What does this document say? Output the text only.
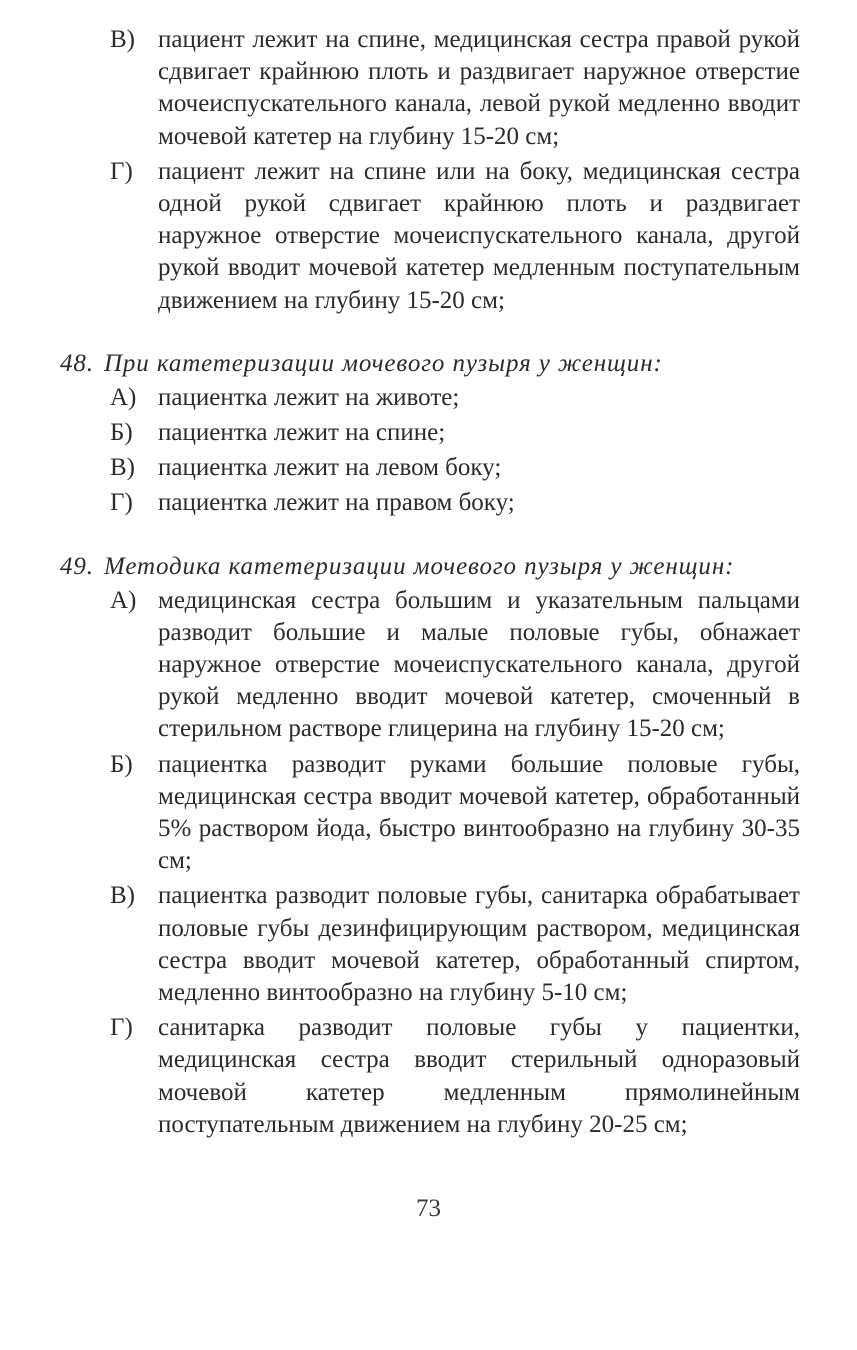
В) пациент лежит на спине, медицинская сестра правой рукой сдвигает крайнюю плоть и раздвигает наружное отверстие мочеиспускательного канала, левой рукой медленно вводит мочевой катетер на глубину 15-20 см;
Г)	пациент лежит на спине или на боку, медицинская сестра одной рукой сдвигает крайнюю плоть и раздвигает наружное отверстие мочеиспускательного канала, другой рукой вводит мочевой катетер медленным поступательным движением на глубину 15-20 см;
48. При катетеризации мочевого пузыря у женщин:
А) пациентка лежит на животе;
Б)	пациентка лежит на спине;
В) пациентка лежит на левом боку;
Г)	пациентка лежит на правом боку;
49. Методика катетеризации мочевого пузыря у женщин:
А) медицинская сестра большим и указательным пальцами разводит большие и малые половые губы, обнажает наружное отверстие мочеиспускательного канала, другой рукой медленно вводит мочевой катетер, смоченный в стерильном растворе глицерина на глубину 15-20 см;
Б)	пациентка разводит руками большие половые губы, медицинская сестра вводит мочевой катетер, обработанный 5% раствором йода, быстро винтообразно на глубину 30-35 см;
В) пациентка разводит половые губы, санитарка обрабатывает половые губы дезинфицирующим раствором, медицинская сестра вводит мочевой катетер, обработанный спиртом, медленно винтообразно на глубину 5-10 см;
Г)	санитарка разводит половые губы у пациентки, медицинская сестра вводит стерильный одноразовый мочевой катетер медленным прямолинейным поступательным движением на глубину 20-25 см;
73
